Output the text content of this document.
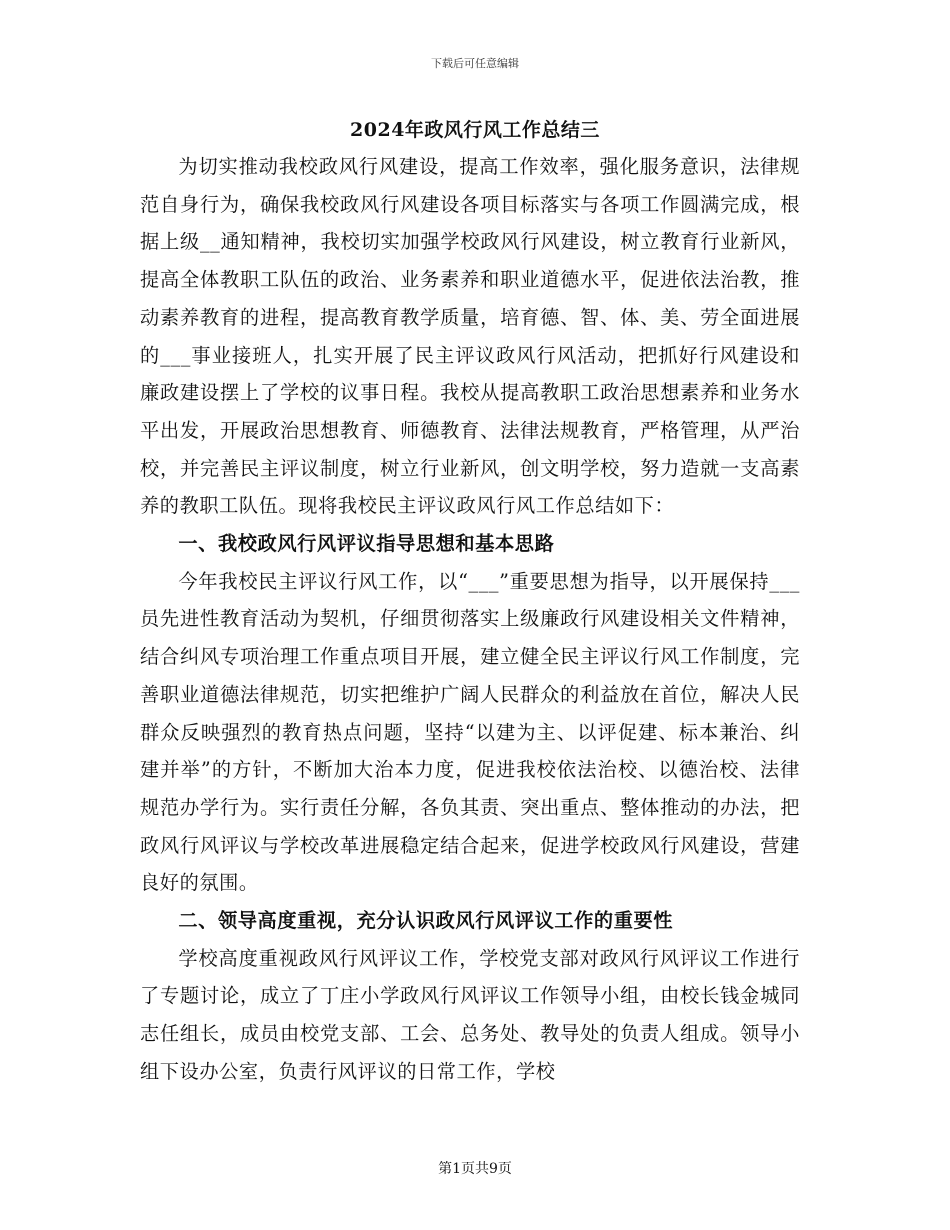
下载后可任意编辑
2024年政风行风工作总结三

为切实推动我校政风行风建设，提高工作效率，强化服务意识，法律规范自身行为，确保我校政风行风建设各项目标落实与各项工作圆满完成，根据上级__通知精神，我校切实加强学校政风行风建设，树立教育行业新风，提高全体教职工队伍的政治、业务素养和职业道德水平，促进依法治教，推动素养教育的进程，提高教育教学质量，培育德、智、体、美、劳全面进展的___事业接班人，扎实开展了民主评议政风行风活动，把抓好行风建设和廉政建设摆上了学校的议事日程。我校从提高教职工政治思想素养和业务水平出发，开展政治思想教育、师德教育、法律法规教育，严格管理，从严治校，并完善民主评议制度，树立行业新风，创文明学校，努力造就一支高素养的教职工队伍。现将我校民主评议政风行风工作总结如下：

一、我校政风行风评议指导思想和基本思路

今年我校民主评议行风工作，以“___”重要思想为指导，以开展保持___员先进性教育活动为契机，仔细贯彻落实上级廉政行风建设相关文件精神，结合纠风专项治理工作重点项目开展，建立健全民主评议行风工作制度，完善职业道德法律规范，切实把维护广阔人民群众的利益放在首位，解决人民群众反映强烈的教育热点问题，坚持“以建为主、以评促建、标本兼治、纠建并举”的方针，不断加大治本力度，促进我校依法治校、以德治校、法律规范办学行为。实行责任分解，各负其责、突出重点、整体推动的办法，把政风行风评议与学校改革进展稳定结合起来，促进学校政风行风建设，营建良好的氛围。

二、领导高度重视，充分认识政风行风评议工作的重要性

学校高度重视政风行风评议工作，学校党支部对政风行风评议工作进行了专题讨论，成立了丁庄小学政风行风评议工作领导小组，由校长钱金城同志任组长，成员由校党支部、工会、总务处、教导处的负责人组成。领导小组下设办公室，负责行风评议的日常工作，学校

第1页共9页
